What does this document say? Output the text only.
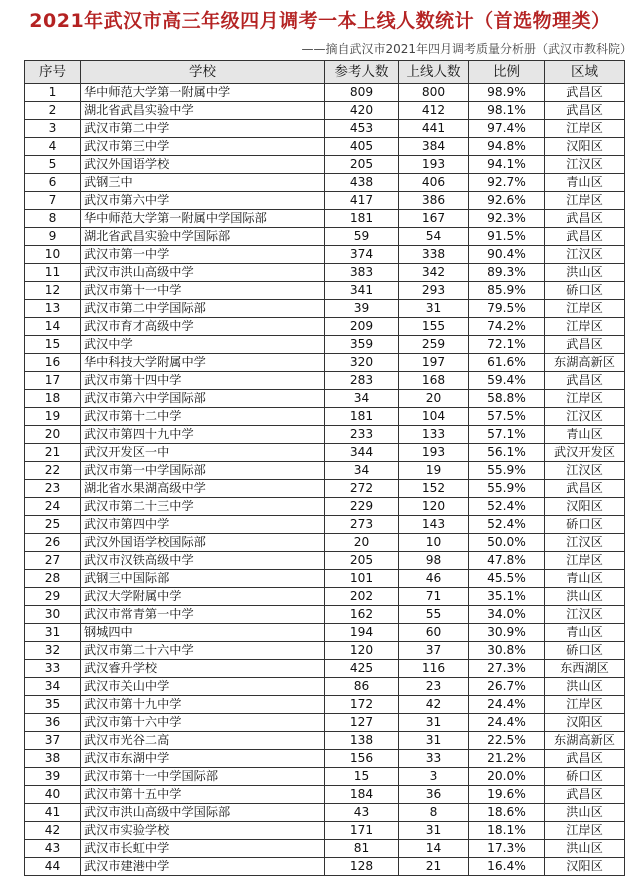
2021年武汉市高三年级四月调考一本上线人数统计（首选物理类）
——摘自武汉市2021年四月调考质量分析册（武汉市教科院）
序号	学校	参考人数	上线人数	比例	区域
1	华中师范大学第一附属中学	809	800	98.9%	武昌区
2	湖北省武昌实验中学	420	412	98.1%	武昌区
3	武汉市第二中学	453	441	97.4%	江岸区
4	武汉市第三中学	405	384	94.8%	汉阳区
5	武汉外国语学校	205	193	94.1%	江汉区
6	武钢三中	438	406	92.7%	青山区
7	武汉市第六中学	417	386	92.6%	江岸区
8	华中师范大学第一附属中学国际部	181	167	92.3%	武昌区
9	湖北省武昌实验中学国际部	59	54	91.5%	武昌区
10	武汉市第一中学	374	338	90.4%	江汉区
11	武汉市洪山高级中学	383	342	89.3%	洪山区
12	武汉市第十一中学	341	293	85.9%	硚口区
13	武汉市第二中学国际部	39	31	79.5%	江岸区
14	武汉市育才高级中学	209	155	74.2%	江岸区
15	武汉中学	359	259	72.1%	武昌区
16	华中科技大学附属中学	320	197	61.6%	东湖高新区
17	武汉市第十四中学	283	168	59.4%	武昌区
18	武汉市第六中学国际部	34	20	58.8%	江岸区
19	武汉市第十二中学	181	104	57.5%	江汉区
20	武汉市第四十九中学	233	133	57.1%	青山区
21	武汉开发区一中	344	193	56.1%	武汉开发区
22	武汉市第一中学国际部	34	19	55.9%	江汉区
23	湖北省水果湖高级中学	272	152	55.9%	武昌区
24	武汉市第二十三中学	229	120	52.4%	汉阳区
25	武汉市第四中学	273	143	52.4%	硚口区
26	武汉外国语学校国际部	20	10	50.0%	江汉区
27	武汉市汉铁高级中学	205	98	47.8%	江岸区
28	武钢三中国际部	101	46	45.5%	青山区
29	武汉大学附属中学	202	71	35.1%	洪山区
30	武汉市常青第一中学	162	55	34.0%	江汉区
31	钢城四中	194	60	30.9%	青山区
32	武汉市第二十六中学	120	37	30.8%	硚口区
33	武汉睿升学校	425	116	27.3%	东西湖区
34	武汉市关山中学	86	23	26.7%	洪山区
35	武汉市第十九中学	172	42	24.4%	江岸区
36	武汉市第十六中学	127	31	24.4%	汉阳区
37	武汉市光谷二高	138	31	22.5%	东湖高新区
38	武汉市东湖中学	156	33	21.2%	武昌区
39	武汉市第十一中学国际部	15	3	20.0%	硚口区
40	武汉市第十五中学	184	36	19.6%	武昌区
41	武汉市洪山高级中学国际部	43	8	18.6%	洪山区
42	武汉市实验学校	171	31	18.1%	江岸区
43	武汉市长虹中学	81	14	17.3%	洪山区
44	武汉市建港中学	128	21	16.4%	汉阳区
